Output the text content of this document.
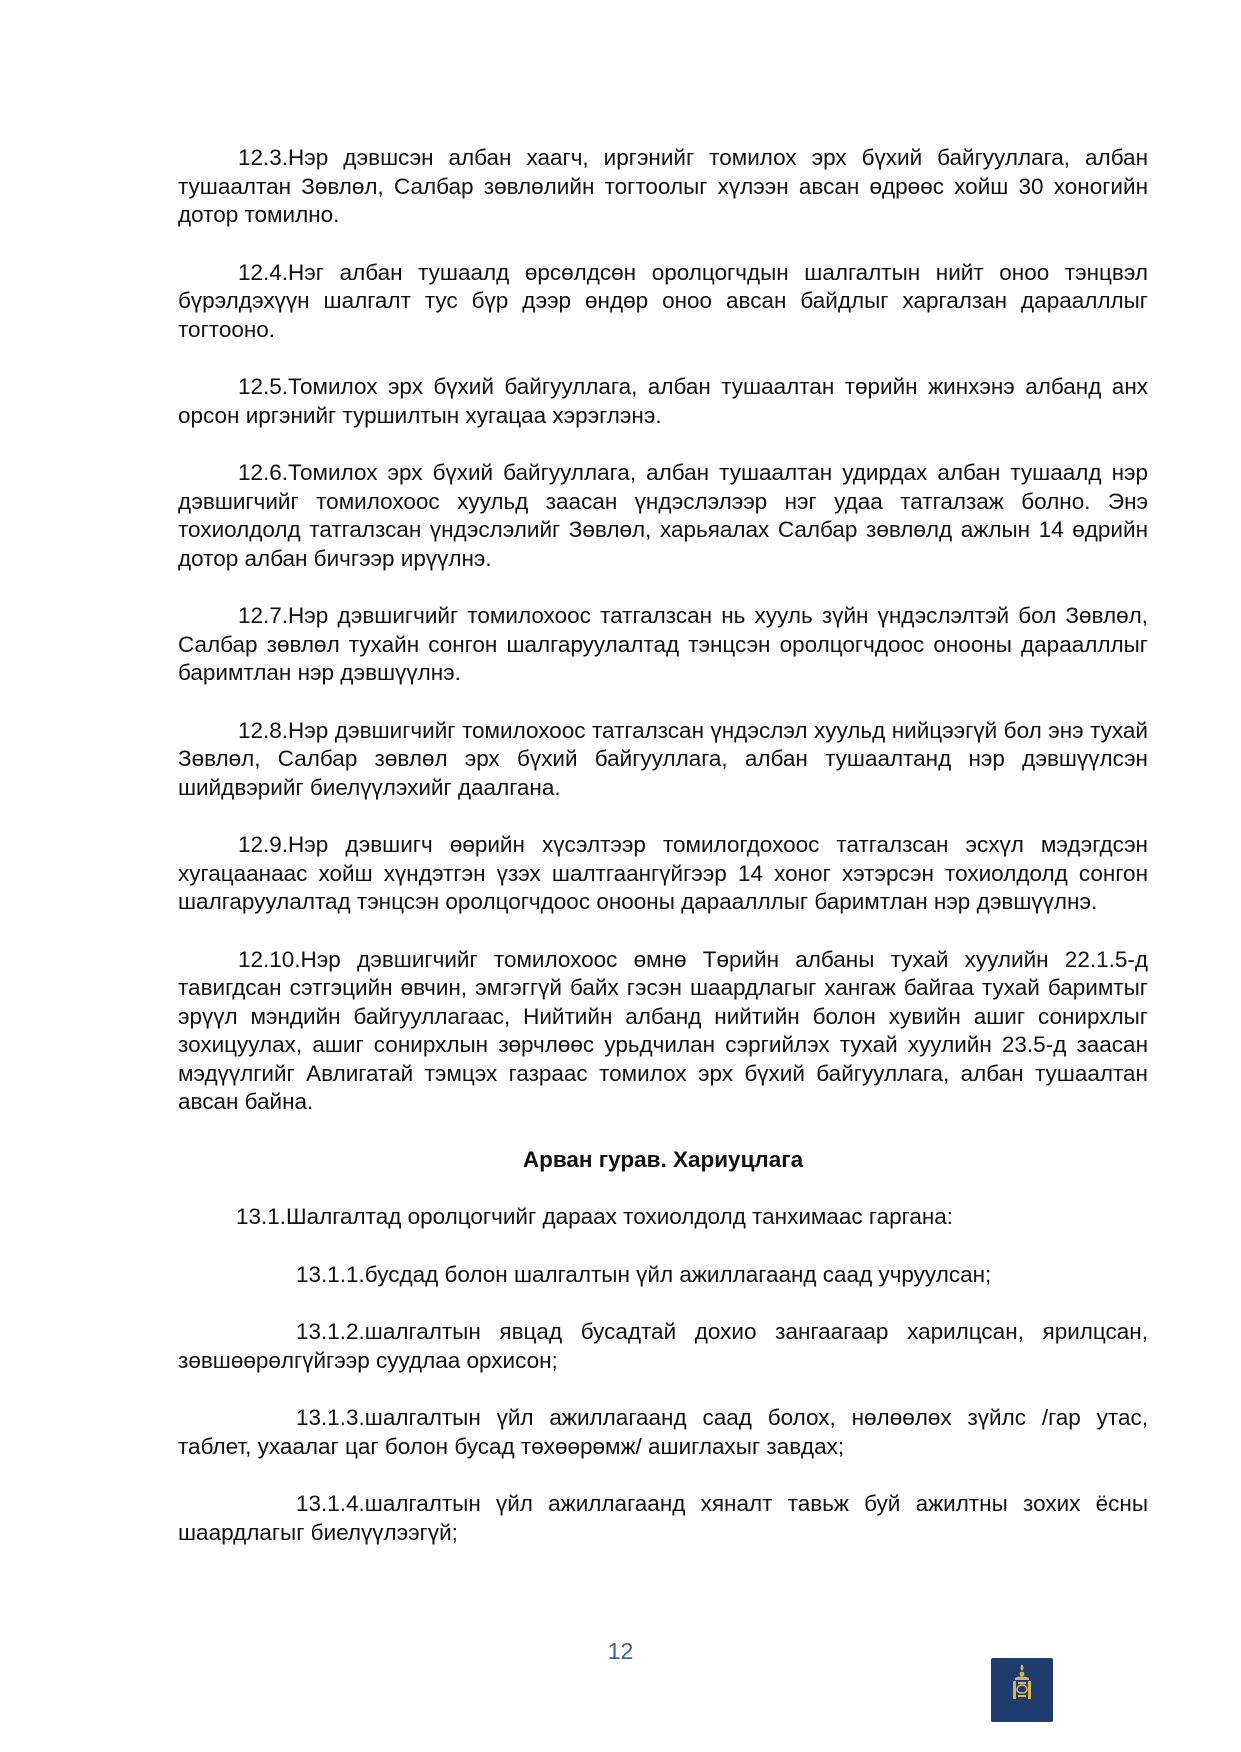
12.3.Нэр дэвшсэн албан хаагч, иргэнийг томилох эрх бүхий байгууллага, албан тушаалтан Зөвлөл, Салбар зөвлөлийн тогтоолыг хүлээн авсан өдрөөс хойш 30 хоногийн дотор томилно.

12.4.Нэг албан тушаалд өрсөлдсөн оролцогчдын шалгалтын нийт оноо тэнцвэл бүрэлдэхүүн шалгалт тус бүр дээр өндөр оноо авсан байдлыг харгалзан дараалллыг тогтооно.

12.5.Томилох эрх бүхий байгууллага, албан тушаалтан төрийн жинхэнэ албанд анх орсон иргэнийг туршилтын хугацаа хэрэглэнэ.

12.6.Томилох эрх бүхий байгууллага, албан тушаалтан удирдах албан тушаалд нэр дэвшигчийг томилохоос хуульд заасан үндэслэлээр нэг удаа татгалзаж болно. Энэ тохиолдолд татгалзсан үндэслэлийг Зөвлөл, харьяалах Салбар зөвлөлд ажлын 14 өдрийн дотор албан бичгээр ирүүлнэ.

12.7.Нэр дэвшигчийг томилохоос татгалзсан нь хууль зүйн үндэслэлтэй бол Зөвлөл, Салбар зөвлөл тухайн сонгон шалгаруулалтад тэнцсэн оролцогчдоос онооны дараалллыг баримтлан нэр дэвшүүлнэ.

12.8.Нэр дэвшигчийг томилохоос татгалзсан үндэслэл хуульд нийцээгүй бол энэ тухай Зөвлөл, Салбар зөвлөл эрх бүхий байгууллага, албан тушаалтанд нэр дэвшүүлсэн шийдвэрийг биелүүлэхийг даалгана.

12.9.Нэр дэвшигч өөрийн хүсэлтээр томилогдохоос татгалзсан эсхүл мэдэгдсэн хугацаанаас хойш хүндэтгэн үзэх шалтгаангүйгээр 14 хоног хэтэрсэн тохиолдолд сонгон шалгаруулалтад тэнцсэн оролцогчдоос онооны дараалллыг баримтлан нэр дэвшүүлнэ.

12.10.Нэр дэвшигчийг томилохоос өмнө Төрийн албаны тухай хуулийн 22.1.5-д тавигдсан сэтгэцийн өвчин, эмгэггүй байх гэсэн шаардлагыг хангаж байгаа тухай баримтыг эрүүл мэндийн байгууллагаас, Нийтийн албанд нийтийн болон хувийн ашиг сонирхлыг зохицуулах, ашиг сонирхлын зөрчлөөс урьдчилан сэргийлэх тухай хуулийн 23.5-д заасан мэдүүлгийг Авлигатай тэмцэх газраас томилох эрх бүхий байгууллага, албан тушаалтан авсан байна.

Арван гурав. Хариуцлага

13.1.Шалгалтад оролцогчийг дараах тохиолдолд танхимаас гаргана:

13.1.1.бусдад болон шалгалтын үйл ажиллагаанд саад учруулсан;

13.1.2.шалгалтын явцад бусадтай дохио зангаагаар харилцсан, ярилцсан, зөвшөөрөлгүйгээр суудлаа орхисон;

13.1.3.шалгалтын үйл ажиллагаанд саад болох, нөлөөлөх зүйлс /гар утас, таблет, ухаалаг цаг болон бусад төхөөрөмж/ ашиглахыг завдах;

13.1.4.шалгалтын үйл ажиллагаанд хяналт тавьж буй ажилтны зохих ёсны шаардлагыг биелүүлээгүй;

12
